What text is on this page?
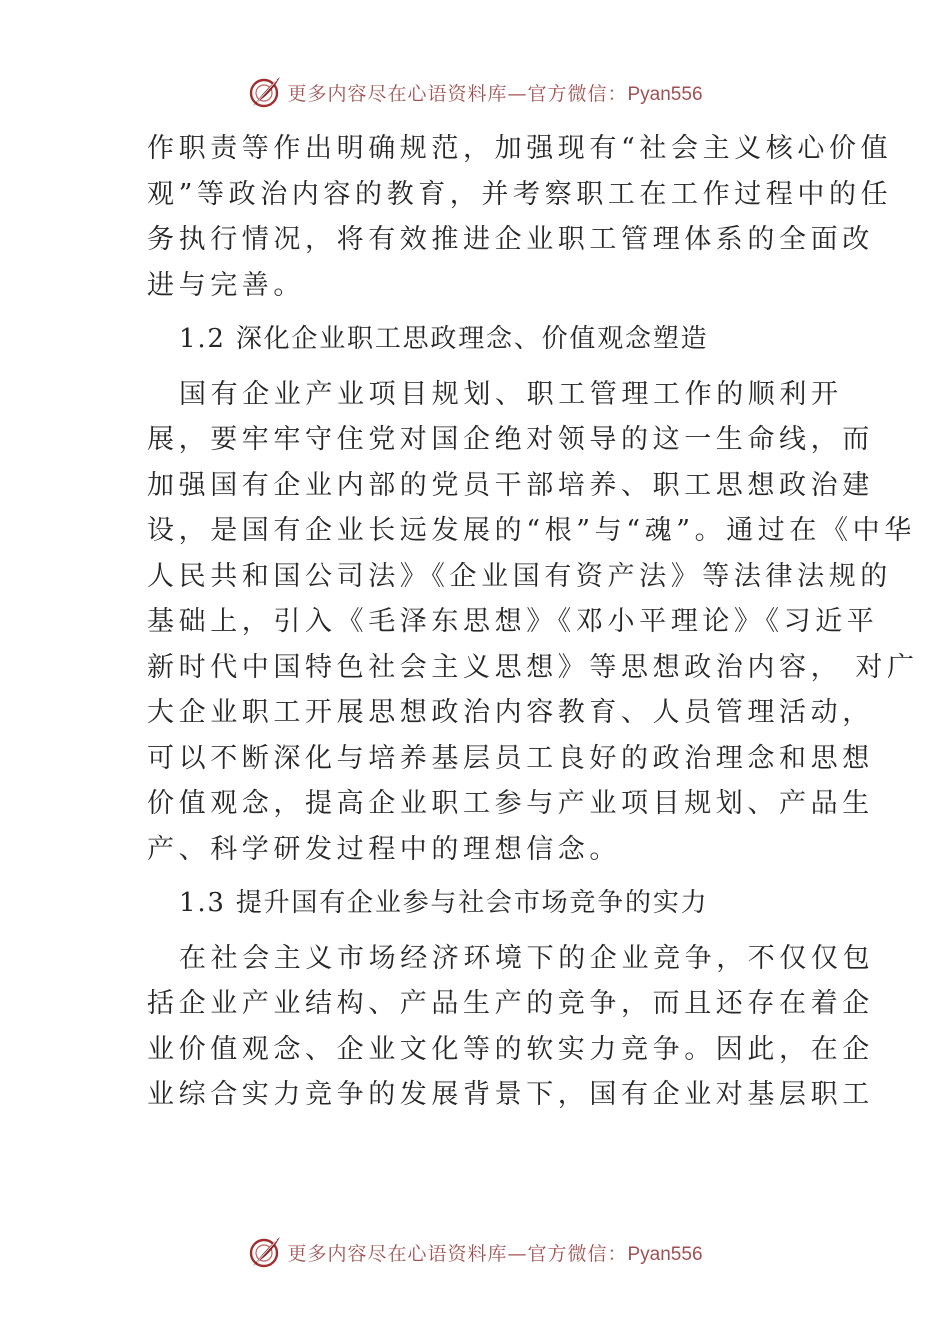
更多内容尽在心语资料库—官方微信：Pyan556
作职责等作出明确规范，加强现有“社会主义核心价值
观”等政治内容的教育，并考察职工在工作过程中的任
务执行情况，将有效推进企业职工管理体系的全面改
进与完善。
1.2 深化企业职工思政理念、价值观念塑造
国有企业产业项目规划、职工管理工作的顺利开
展，要牢牢守住党对国企绝对领导的这一生命线，而
加强国有企业内部的党员干部培养、职工思想政治建
设，是国有企业长远发展的“根”与“魂”。通过在《中华
人民共和国公司法》《企业国有资产法》等法律法规的
基础上，引入《毛泽东思想》《邓小平理论》《习近平
新时代中国特色社会主义思想》等思想政治内容， 对广
大企业职工开展思想政治内容教育、人员管理活动，
可以不断深化与培养基层员工良好的政治理念和思想
价值观念，提高企业职工参与产业项目规划、产品生
产、科学研发过程中的理想信念。
1.3 提升国有企业参与社会市场竞争的实力
在社会主义市场经济环境下的企业竞争，不仅仅包
括企业产业结构、产品生产的竞争，而且还存在着企
业价值观念、企业文化等的软实力竞争。因此，在企
业综合实力竞争的发展背景下，国有企业对基层职工
更多内容尽在心语资料库—官方微信：Pyan556
